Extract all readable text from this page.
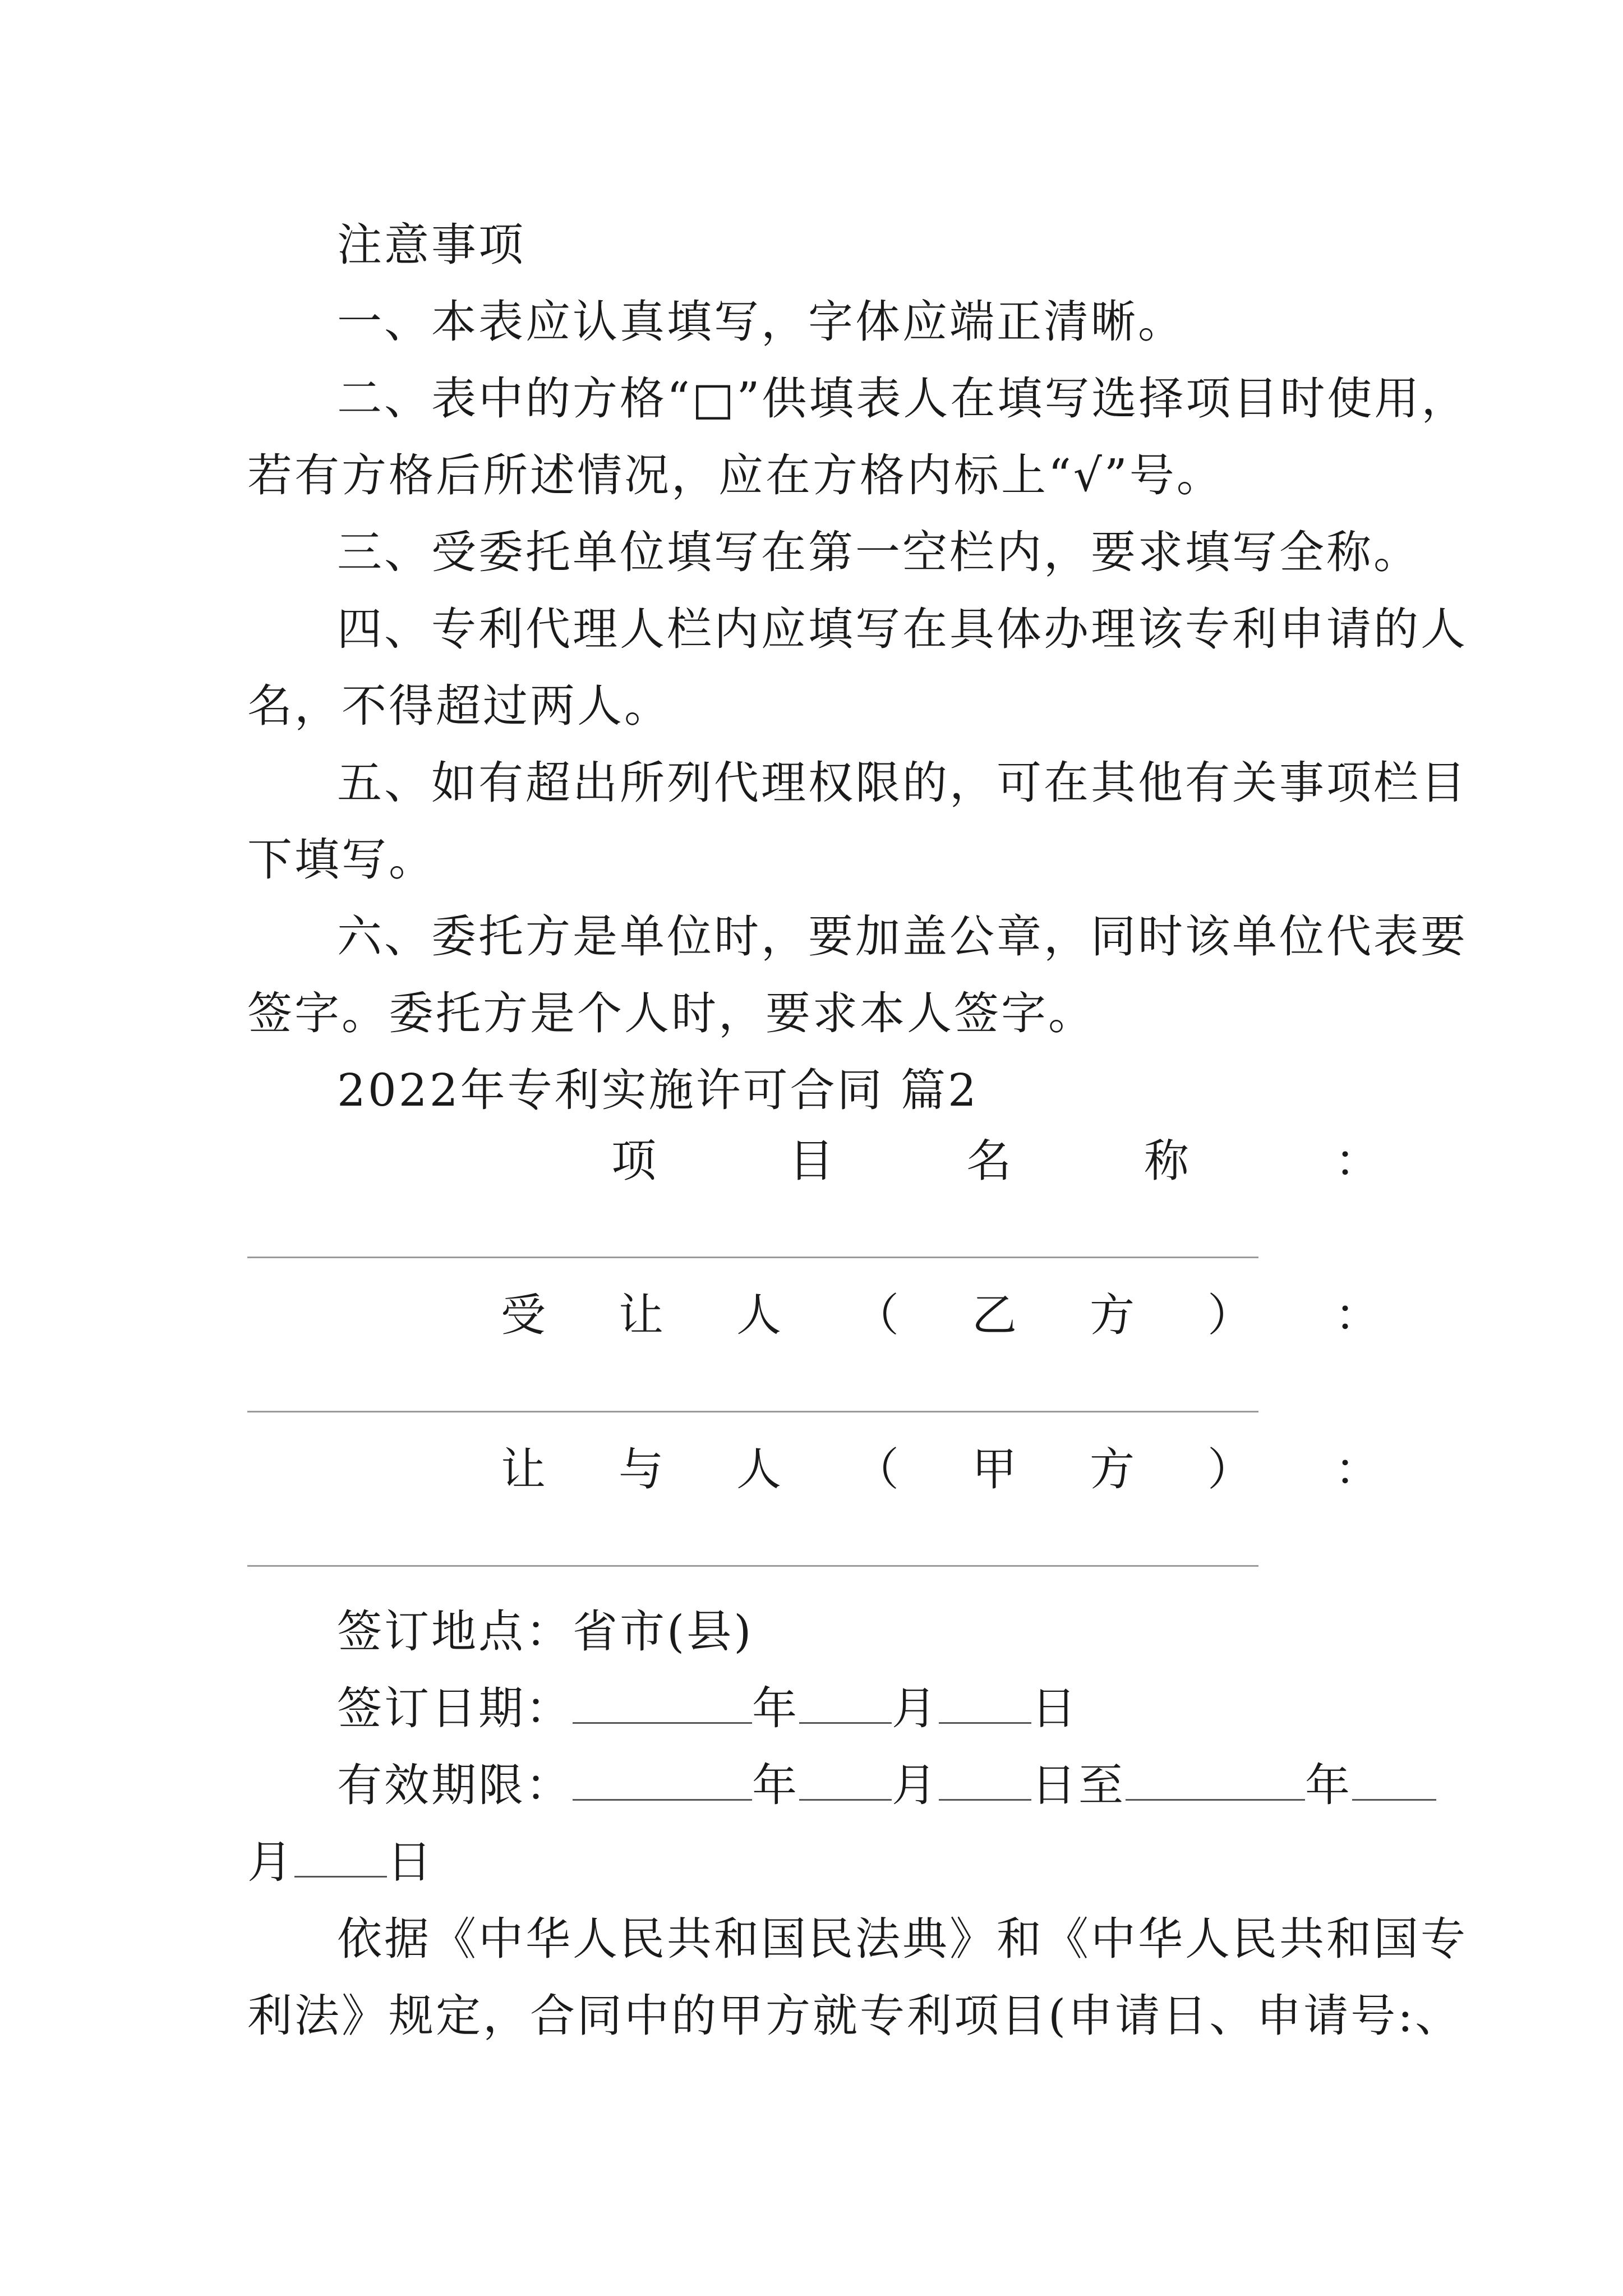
注意事项
一、本表应认真填写，字体应端正清晰。
二、表中的方格“□”供填表人在填写选择项目时使用，
若有方格后所述情况，应在方格内标上“√”号。
三、受委托单位填写在第一空栏内，要求填写全称。
四、专利代理人栏内应填写在具体办理该专利申请的人
名，不得超过两人。
五、如有超出所列代理权限的，可在其他有关事项栏目
下填写。
六、委托方是单位时，要加盖公章，同时该单位代表要
签字。委托方是个人时，要求本人签字。
2022年专利实施许可合同 篇2
项	目	名	称	：
受 让 人 （ 乙 方 ） ：
让 与 人 （ 甲 方 ） ：
签订地点：省市(县)
签订日期：	年 月 日
有效期限：	年 月 日至	年
月 日
依据《中华人民共和国民法典》和《中华人民共和国专
利法》规定，合同中的甲方就专利项目(申请日、申请号:、
